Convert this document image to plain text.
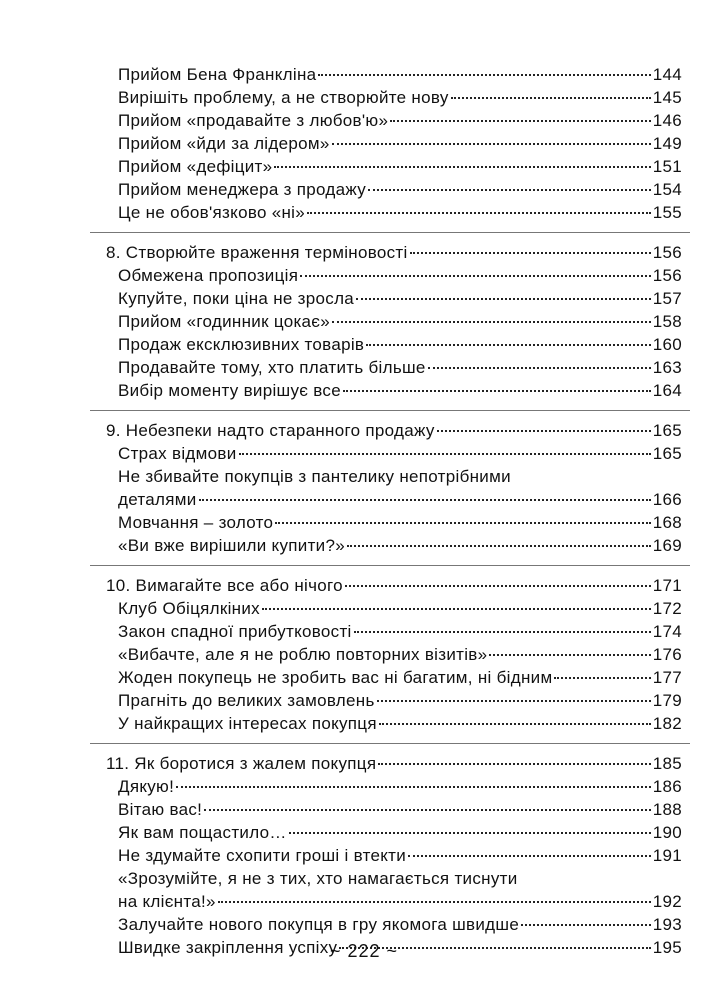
Прийом Бена Франкліна	144
Вирішіть проблему, а не створюйте нову	145
Прийом «продавайте з любов'ю»	146
Прийом «йди за лідером»	149
Прийом «дефіцит»	151
Прийом менеджера з продажу	154
Це не обов'язково «ні»	155
8. Створюйте враження терміновості	156
Обмежена пропозиція	156
Купуйте, поки ціна не зросла	157
Прийом «годинник цокає»	158
Продаж ексклюзивних товарів	160
Продавайте тому, хто платить більше	163
Вибір моменту вирішує все	164
9. Небезпеки надто старанного продажу	165
Страх відмови	165
Не збивайте покупців з пантелику непотрібними
деталями	166
Мовчання – золото	168
«Ви вже вирішили купити?»	169
10. Вимагайте все або нічого	171
Клуб Обіцялкіних	172
Закон спадної прибутковості	174
«Вибачте, але я не роблю повторних візитів»	176
Жоден покупець не зробить вас ні багатим, ні бідним	177
Прагніть до великих замовлень	179
У найкращих інтересах покупця	182
11. Як боротися з жалем покупця	185
Дякую!	186
Вітаю вас!	188
Як вам пощастило…	190
Не здумайте схопити гроші і втекти	191
«Зрозумійте, я не з тих, хто намагається тиснути
на клієнта!»	192
Залучайте нового покупця в гру якомога швидше	193
Швидке закріплення успіху	195
~ 222 ~
